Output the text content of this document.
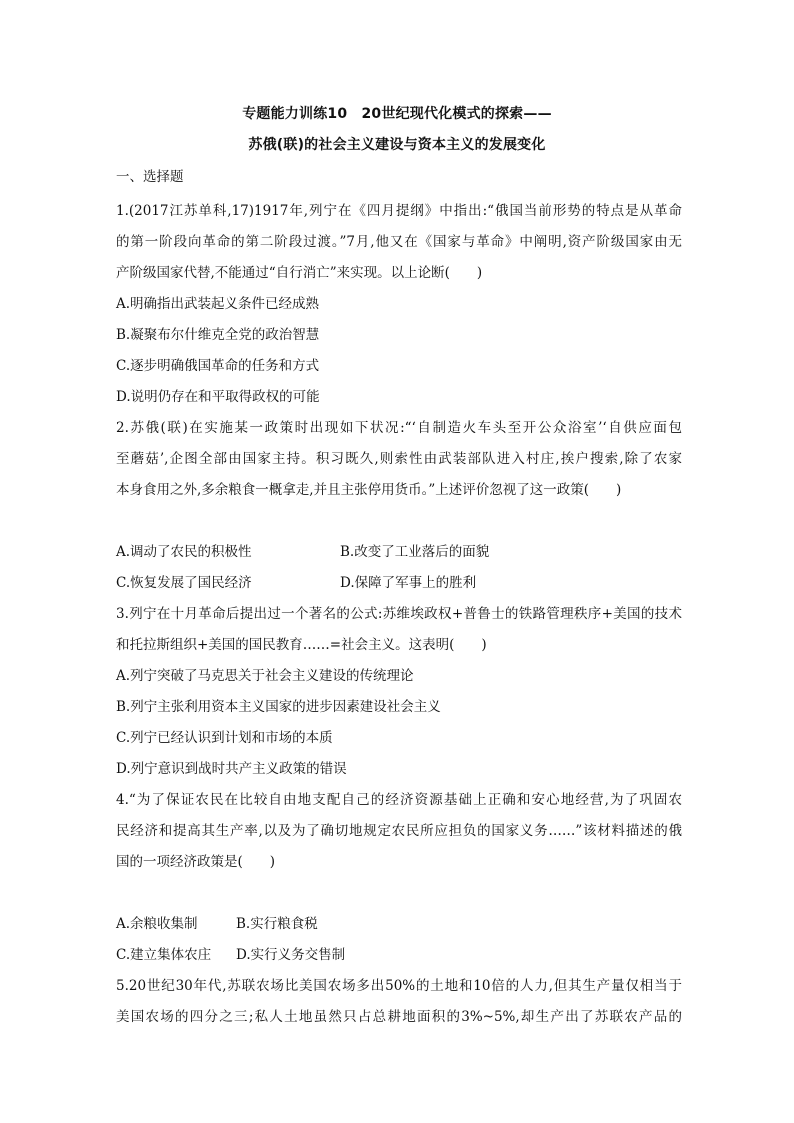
专题能力训练10　20世纪现代化模式的探索——
苏俄(联)的社会主义建设与资本主义的发展变化
一、选择题
1.(2017江苏单科,17)1917年,列宁在《四月提纲》中指出:“俄国当前形势的特点是从革命
的第一阶段向革命的第二阶段过渡。”7月,他又在《国家与革命》中阐明,资产阶级国家由无
产阶级国家代替,不能通过“自行消亡”来实现。以上论断(　　)
A.明确指出武装起义条件已经成熟
B.凝聚布尔什维克全党的政治智慧
C.逐步明确俄国革命的任务和方式
D.说明仍存在和平取得政权的可能
2.苏俄(联)在实施某一政策时出现如下状况:“‘自制造火车头至开公众浴室’‘自供应面包
至蘑菇’,企图全部由国家主持。积习既久,则索性由武装部队进入村庄,挨户搜索,除了农家
本身食用之外,多余粮食一概拿走,并且主张停用货币。”上述评价忽视了这一政策(　　)
A.调动了农民的积极性	B.改变了工业落后的面貌
C.恢复发展了国民经济	D.保障了军事上的胜利
3.列宁在十月革命后提出过一个著名的公式:苏维埃政权+普鲁士的铁路管理秩序+美国的技术
和托拉斯组织+美国的国民教育……=社会主义。这表明(　　)
A.列宁突破了马克思关于社会主义建设的传统理论
B.列宁主张利用资本主义国家的进步因素建设社会主义
C.列宁已经认识到计划和市场的本质
D.列宁意识到战时共产主义政策的错误
4.“为了保证农民在比较自由地支配自己的经济资源基础上正确和安心地经营,为了巩固农
民经济和提高其生产率,以及为了确切地规定农民所应担负的国家义务……”该材料描述的俄
国的一项经济政策是(　　)
A.余粮收集制	B.实行粮食税
C.建立集体农庄	D.实行义务交售制
5.20世纪30年代,苏联农场比美国农场多出50%的土地和10倍的人力,但其生产量仅相当于
美国农场的四分之三;私人土地虽然只占总耕地面积的3%~5%,却生产出了苏联农产品的
